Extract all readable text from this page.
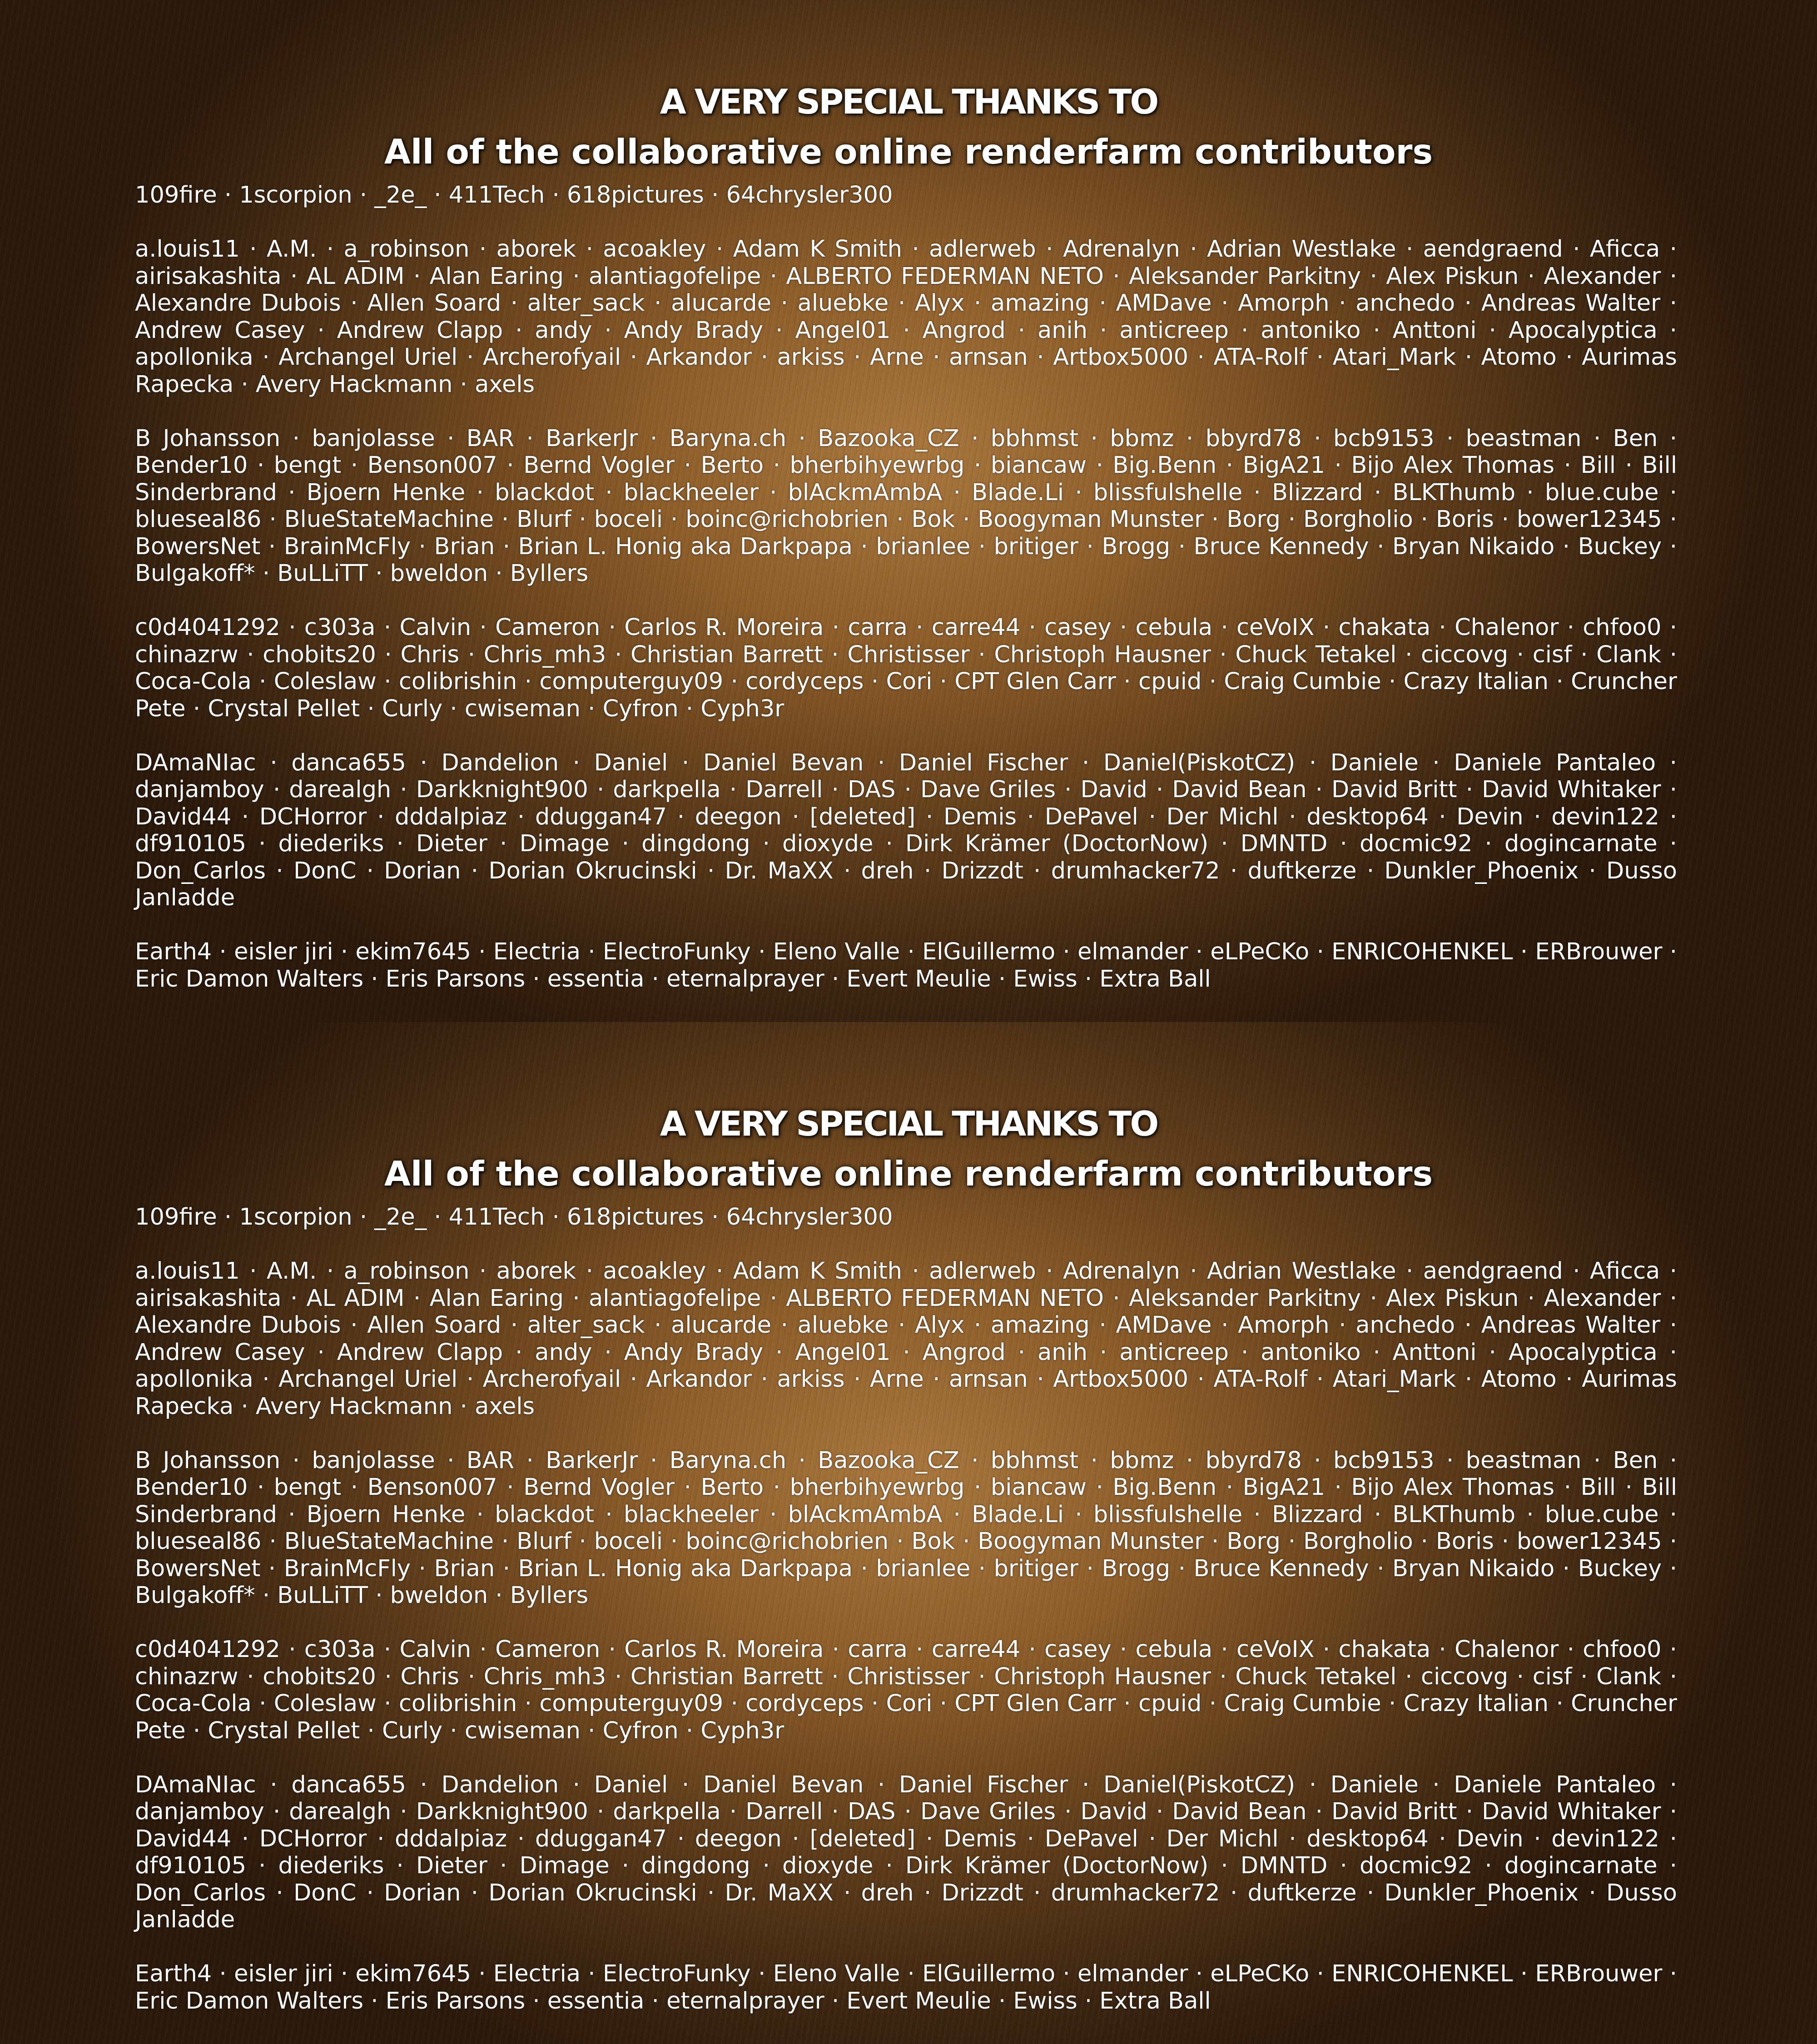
A VERY SPECIAL THANKS TO
All of the collaborative online renderfarm contributors
109fire · 1scorpion · _2e_ · 411Tech · 618pictures · 64chrysler300
a.louis11 · A.M. · a_robinson · aborek · acoakley · Adam K Smith · adlerweb · Adrenalyn · Adrian Westlake · aendgraend · Aficca · airisakashita · AL ADIM · Alan Earing · alantiagofelipe · ALBERTO FEDERMAN NETO · Aleksander Parkitny · Alex Piskun · Alexander · Alexandre Dubois · Allen Soard · alter_sack · alucarde · aluebke · Alyx · amazing · AMDave · Amorph · anchedo · Andreas Walter · Andrew Casey · Andrew Clapp · andy · Andy Brady · Angel01 · Angrod · anih · anticreep · antoniko · Anttoni · Apocalyptica · apollonika · Archangel Uriel · Archerofyail · Arkandor · arkiss · Arne · arnsan · Artbox5000 · ATA-Rolf · Atari_Mark · Atomo · Aurimas Rapecka · Avery Hackmann · axels
B Johansson · banjolasse · BAR · BarkerJr · Baryna.ch · Bazooka_CZ · bbhmst · bbmz · bbyrd78 · bcb9153 · beastman · Ben · Bender10 · bengt · Benson007 · Bernd Vogler · Berto · bherbihyewrbg · biancaw · Big.Benn · BigA21 · Bijo Alex Thomas · Bill · Bill Sinderbrand · Bjoern Henke · blackdot · blackheeler · blAckmAmbA · Blade.Li · blissfulshelle · Blizzard · BLKThumb · blue.cube · blueseal86 · BlueStateMachine · Blurf · boceli · boinc@richobrien · Bok · Boogyman Munster · Borg · Borgholio · Boris · bower12345 · BowersNet · BrainMcFly · Brian · Brian L. Honig aka Darkpapa · brianlee · britiger · Brogg · Bruce Kennedy · Bryan Nikaido · Buckey · Bulgakoff* · BuLLiTT · bweldon · Byllers
c0d4041292 · c303a · Calvin · Cameron · Carlos R. Moreira · carra · carre44 · casey · cebula · ceVoIX · chakata · Chalenor · chfoo0 · chinazrw · chobits20 · Chris · Chris_mh3 · Christian Barrett · Christisser · Christoph Hausner · Chuck Tetakel · ciccovg · cisf · Clank · Coca-Cola · Coleslaw · colibrishin · computerguy09 · cordyceps · Cori · CPT Glen Carr · cpuid · Craig Cumbie · Crazy Italian · Cruncher Pete · Crystal Pellet · Curly · cwiseman · Cyfron · Cyph3r
DAmaNIac · danca655 · Dandelion · Daniel · Daniel Bevan · Daniel Fischer · Daniel(PiskotCZ) · Daniele · Daniele Pantaleo · danjamboy · darealgh · Darkknight900 · darkpella · Darrell · DAS · Dave Griles · David · David Bean · David Britt · David Whitaker · David44 · DCHorror · dddalpiaz · dduggan47 · deegon · [deleted] · Demis · DePavel · Der Michl · desktop64 · Devin · devin122 · df910105 · diederiks · Dieter · Dimage · dingdong · dioxyde · Dirk Krämer (DoctorNow) · DMNTD · docmic92 · dogincarnate · Don_Carlos · DonC · Dorian · Dorian Okrucinski · Dr. MaXX · dreh · Drizzdt · drumhacker72 · duftkerze · Dunkler_Phoenix · Dusso Janladde
Earth4 · eisler jiri · ekim7645 · Electria · ElectroFunky · Eleno Valle · ElGuillermo · elmander · eLPeCKo · ENRICOHENKEL · ERBrouwer · Eric Damon Walters · Eris Parsons · essentia · eternalprayer · Evert Meulie · Ewiss · Extra Ball
A VERY SPECIAL THANKS TO
All of the collaborative online renderfarm contributors
109fire · 1scorpion · _2e_ · 411Tech · 618pictures · 64chrysler300
a.louis11 · A.M. · a_robinson · aborek · acoakley · Adam K Smith · adlerweb · Adrenalyn · Adrian Westlake · aendgraend · Aficca · airisakashita · AL ADIM · Alan Earing · alantiagofelipe · ALBERTO FEDERMAN NETO · Aleksander Parkitny · Alex Piskun · Alexander · Alexandre Dubois · Allen Soard · alter_sack · alucarde · aluebke · Alyx · amazing · AMDave · Amorph · anchedo · Andreas Walter · Andrew Casey · Andrew Clapp · andy · Andy Brady · Angel01 · Angrod · anih · anticreep · antoniko · Anttoni · Apocalyptica · apollonika · Archangel Uriel · Archerofyail · Arkandor · arkiss · Arne · arnsan · Artbox5000 · ATA-Rolf · Atari_Mark · Atomo · Aurimas Rapecka · Avery Hackmann · axels
B Johansson · banjolasse · BAR · BarkerJr · Baryna.ch · Bazooka_CZ · bbhmst · bbmz · bbyrd78 · bcb9153 · beastman · Ben · Bender10 · bengt · Benson007 · Bernd Vogler · Berto · bherbihyewrbg · biancaw · Big.Benn · BigA21 · Bijo Alex Thomas · Bill · Bill Sinderbrand · Bjoern Henke · blackdot · blackheeler · blAckmAmbA · Blade.Li · blissfulshelle · Blizzard · BLKThumb · blue.cube · blueseal86 · BlueStateMachine · Blurf · boceli · boinc@richobrien · Bok · Boogyman Munster · Borg · Borgholio · Boris · bower12345 · BowersNet · BrainMcFly · Brian · Brian L. Honig aka Darkpapa · brianlee · britiger · Brogg · Bruce Kennedy · Bryan Nikaido · Buckey · Bulgakoff* · BuLLiTT · bweldon · Byllers
c0d4041292 · c303a · Calvin · Cameron · Carlos R. Moreira · carra · carre44 · casey · cebula · ceVoIX · chakata · Chalenor · chfoo0 · chinazrw · chobits20 · Chris · Chris_mh3 · Christian Barrett · Christisser · Christoph Hausner · Chuck Tetakel · ciccovg · cisf · Clank · Coca-Cola · Coleslaw · colibrishin · computerguy09 · cordyceps · Cori · CPT Glen Carr · cpuid · Craig Cumbie · Crazy Italian · Cruncher Pete · Crystal Pellet · Curly · cwiseman · Cyfron · Cyph3r
DAmaNIac · danca655 · Dandelion · Daniel · Daniel Bevan · Daniel Fischer · Daniel(PiskotCZ) · Daniele · Daniele Pantaleo · danjamboy · darealgh · Darkknight900 · darkpella · Darrell · DAS · Dave Griles · David · David Bean · David Britt · David Whitaker · David44 · DCHorror · dddalpiaz · dduggan47 · deegon · [deleted] · Demis · DePavel · Der Michl · desktop64 · Devin · devin122 · df910105 · diederiks · Dieter · Dimage · dingdong · dioxyde · Dirk Krämer (DoctorNow) · DMNTD · docmic92 · dogincarnate · Don_Carlos · DonC · Dorian · Dorian Okrucinski · Dr. MaXX · dreh · Drizzdt · drumhacker72 · duftkerze · Dunkler_Phoenix · Dusso Janladde
Earth4 · eisler jiri · ekim7645 · Electria · ElectroFunky · Eleno Valle · ElGuillermo · elmander · eLPeCKo · ENRICOHENKEL · ERBrouwer · Eric Damon Walters · Eris Parsons · essentia · eternalprayer · Evert Meulie · Ewiss · Extra Ball
